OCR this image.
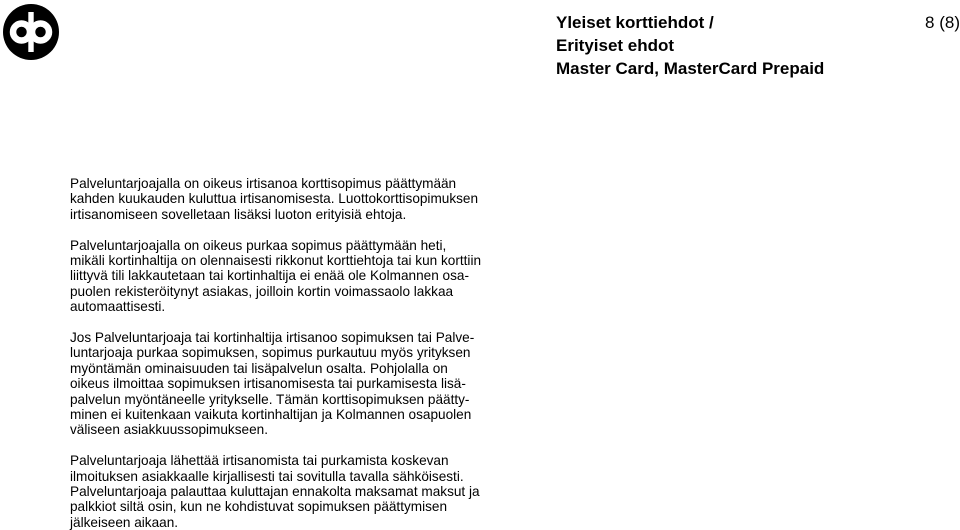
Yleiset korttiehdot /
Erityiset ehdot
Master Card, MasterCard Prepaid
8 (8)

Palveluntarjoajalla on oikeus irtisanoa korttisopimus päättymään
kahden kuukauden kuluttua irtisanomisesta. Luottokorttisopimuksen
irtisanomiseen sovelletaan lisäksi luoton erityisiä ehtoja.

Palveluntarjoajalla on oikeus purkaa sopimus päättymään heti,
mikäli kortinhaltija on olennaisesti rikkonut korttiehtoja tai kun korttiin
liittyvä tili lakkautetaan tai kortinhaltija ei enää ole Kolmannen osa-
puolen rekisteröitynyt asiakas, joilloin kortin voimassaolo lakkaa
automaattisesti.

Jos Palveluntarjoaja tai kortinhaltija irtisanoo sopimuksen tai Palve-
luntarjoaja purkaa sopimuksen, sopimus purkautuu myös yrityksen
myöntämän ominaisuuden tai lisäpalvelun osalta. Pohjolalla on
oikeus ilmoittaa sopimuksen irtisanomisesta tai purkamisesta lisä-
palvelun myöntäneelle yritykselle. Tämän korttisopimuksen päätty-
minen ei kuitenkaan vaikuta kortinhaltijan ja Kolmannen osapuolen
väliseen asiakkuussopimukseen.

Palveluntarjoaja lähettää irtisanomista tai purkamista koskevan
ilmoituksen asiakkaalle kirjallisesti tai sovitulla tavalla sähköisesti.
Palveluntarjoaja palauttaa kuluttajan ennakolta maksamat maksut ja
palkkiot siltä osin, kun ne kohdistuvat sopimuksen päättymisen
jälkeiseen aikaan.
